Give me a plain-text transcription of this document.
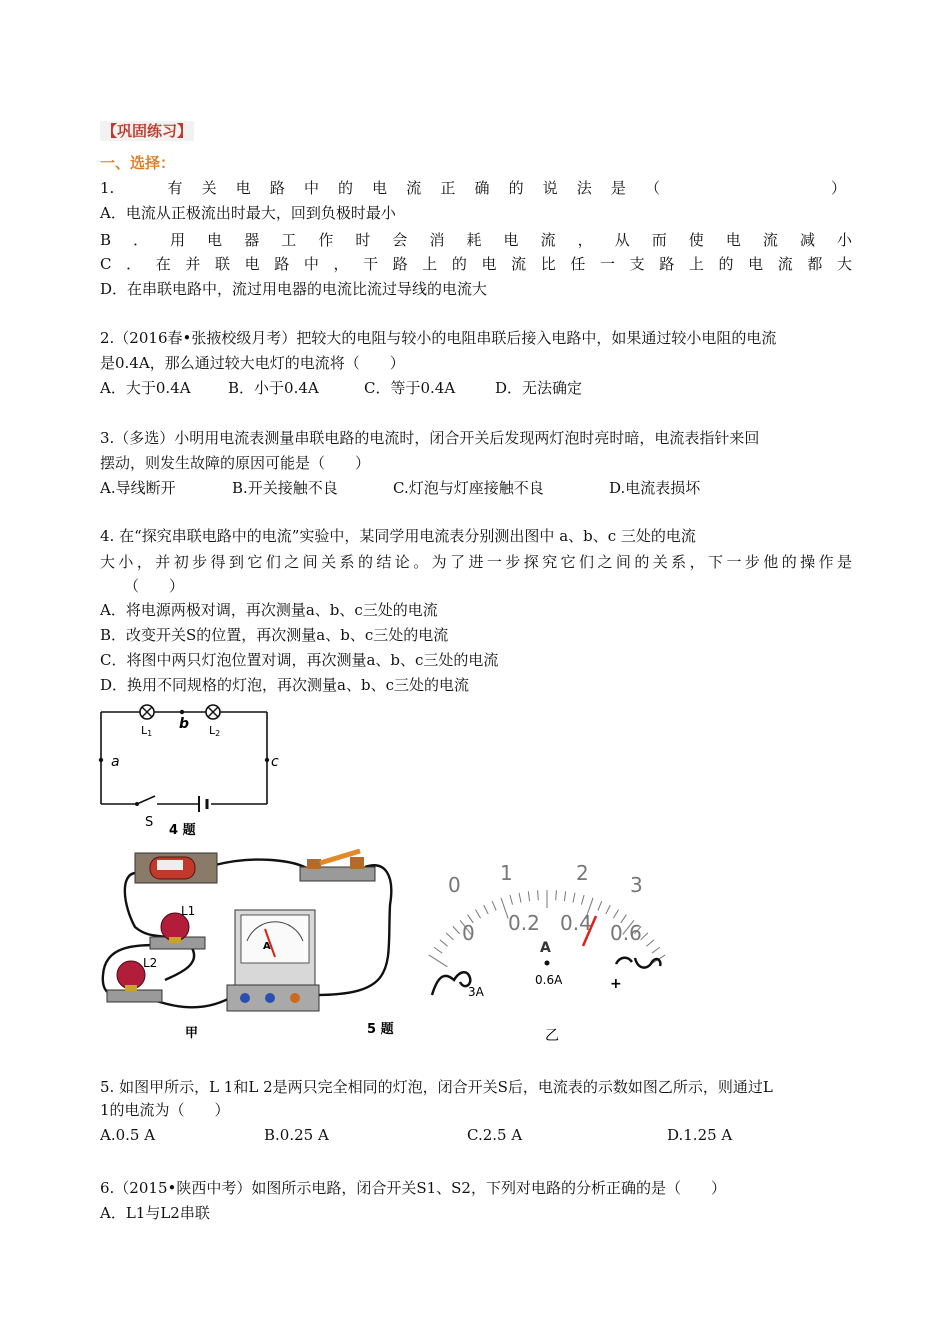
【巩固练习】
一、选择：
1.　有关电路中的电流正确的说法是（	）
A．电流从正极流出时最大，回到负极时最小
B．用电器工作时会消耗电流，从而使电流减小
C．在并联电路中，干路上的电流比任一支路上的电流都大
D．在串联电路中，流过用电器的电流比流过导线的电流大
2.（2016春•张掖校级月考）把较大的电阻与较小的电阻串联后接入电路中，如果通过较小电阻的电流
是0.4A，那么通过较大电灯的电流将（　　）
A．大于0.4A B．小于0.4A	C．等于0.4A	D．无法确定
3.（多选）小明用电流表测量串联电路的电流时，闭合开关后发现两灯泡时亮时暗，电流表指针来回
摆动，则发生故障的原因可能是（　　）
A.导线断开	B.开关接触不良	C.灯泡与灯座接触不良	D.电流表损坏
4. 在“探究串联电路中的电流”实验中，某同学用电流表分别测出图中 a、b、c 三处的电流
大小，并初步得到它们之间关系的结论。为了进一步探究它们之间的关系，下一步他的操作是
（　　）
A．将电源两极对调，再次测量a、b、c三处的电流
B．改变开关S的位置，再次测量a、b、c三处的电流
C．将图中两只灯泡位置对调，再次测量a、b、c三处的电流
D．换用不同规格的灯泡，再次测量a、b、c三处的电流
L1	L2
b
a	c
S
4 题
L1
L2
A
甲	5 题
0 1	2 3
0 0.2 0.4 0.6
A
3A
0.6A	+
乙
5. 如图甲所示，L 1和L 2是两只完全相同的灯泡，闭合开关S后，电流表的示数如图乙所示，则通过L
1的电流为（　　）
A.0.5 A	B.0.25 A	C.2.5 A	D.1.25 A
6.（2015•陕西中考）如图所示电路，闭合开关S1、S2，下列对电路的分析正确的是（　　）
A．L1与L2串联
